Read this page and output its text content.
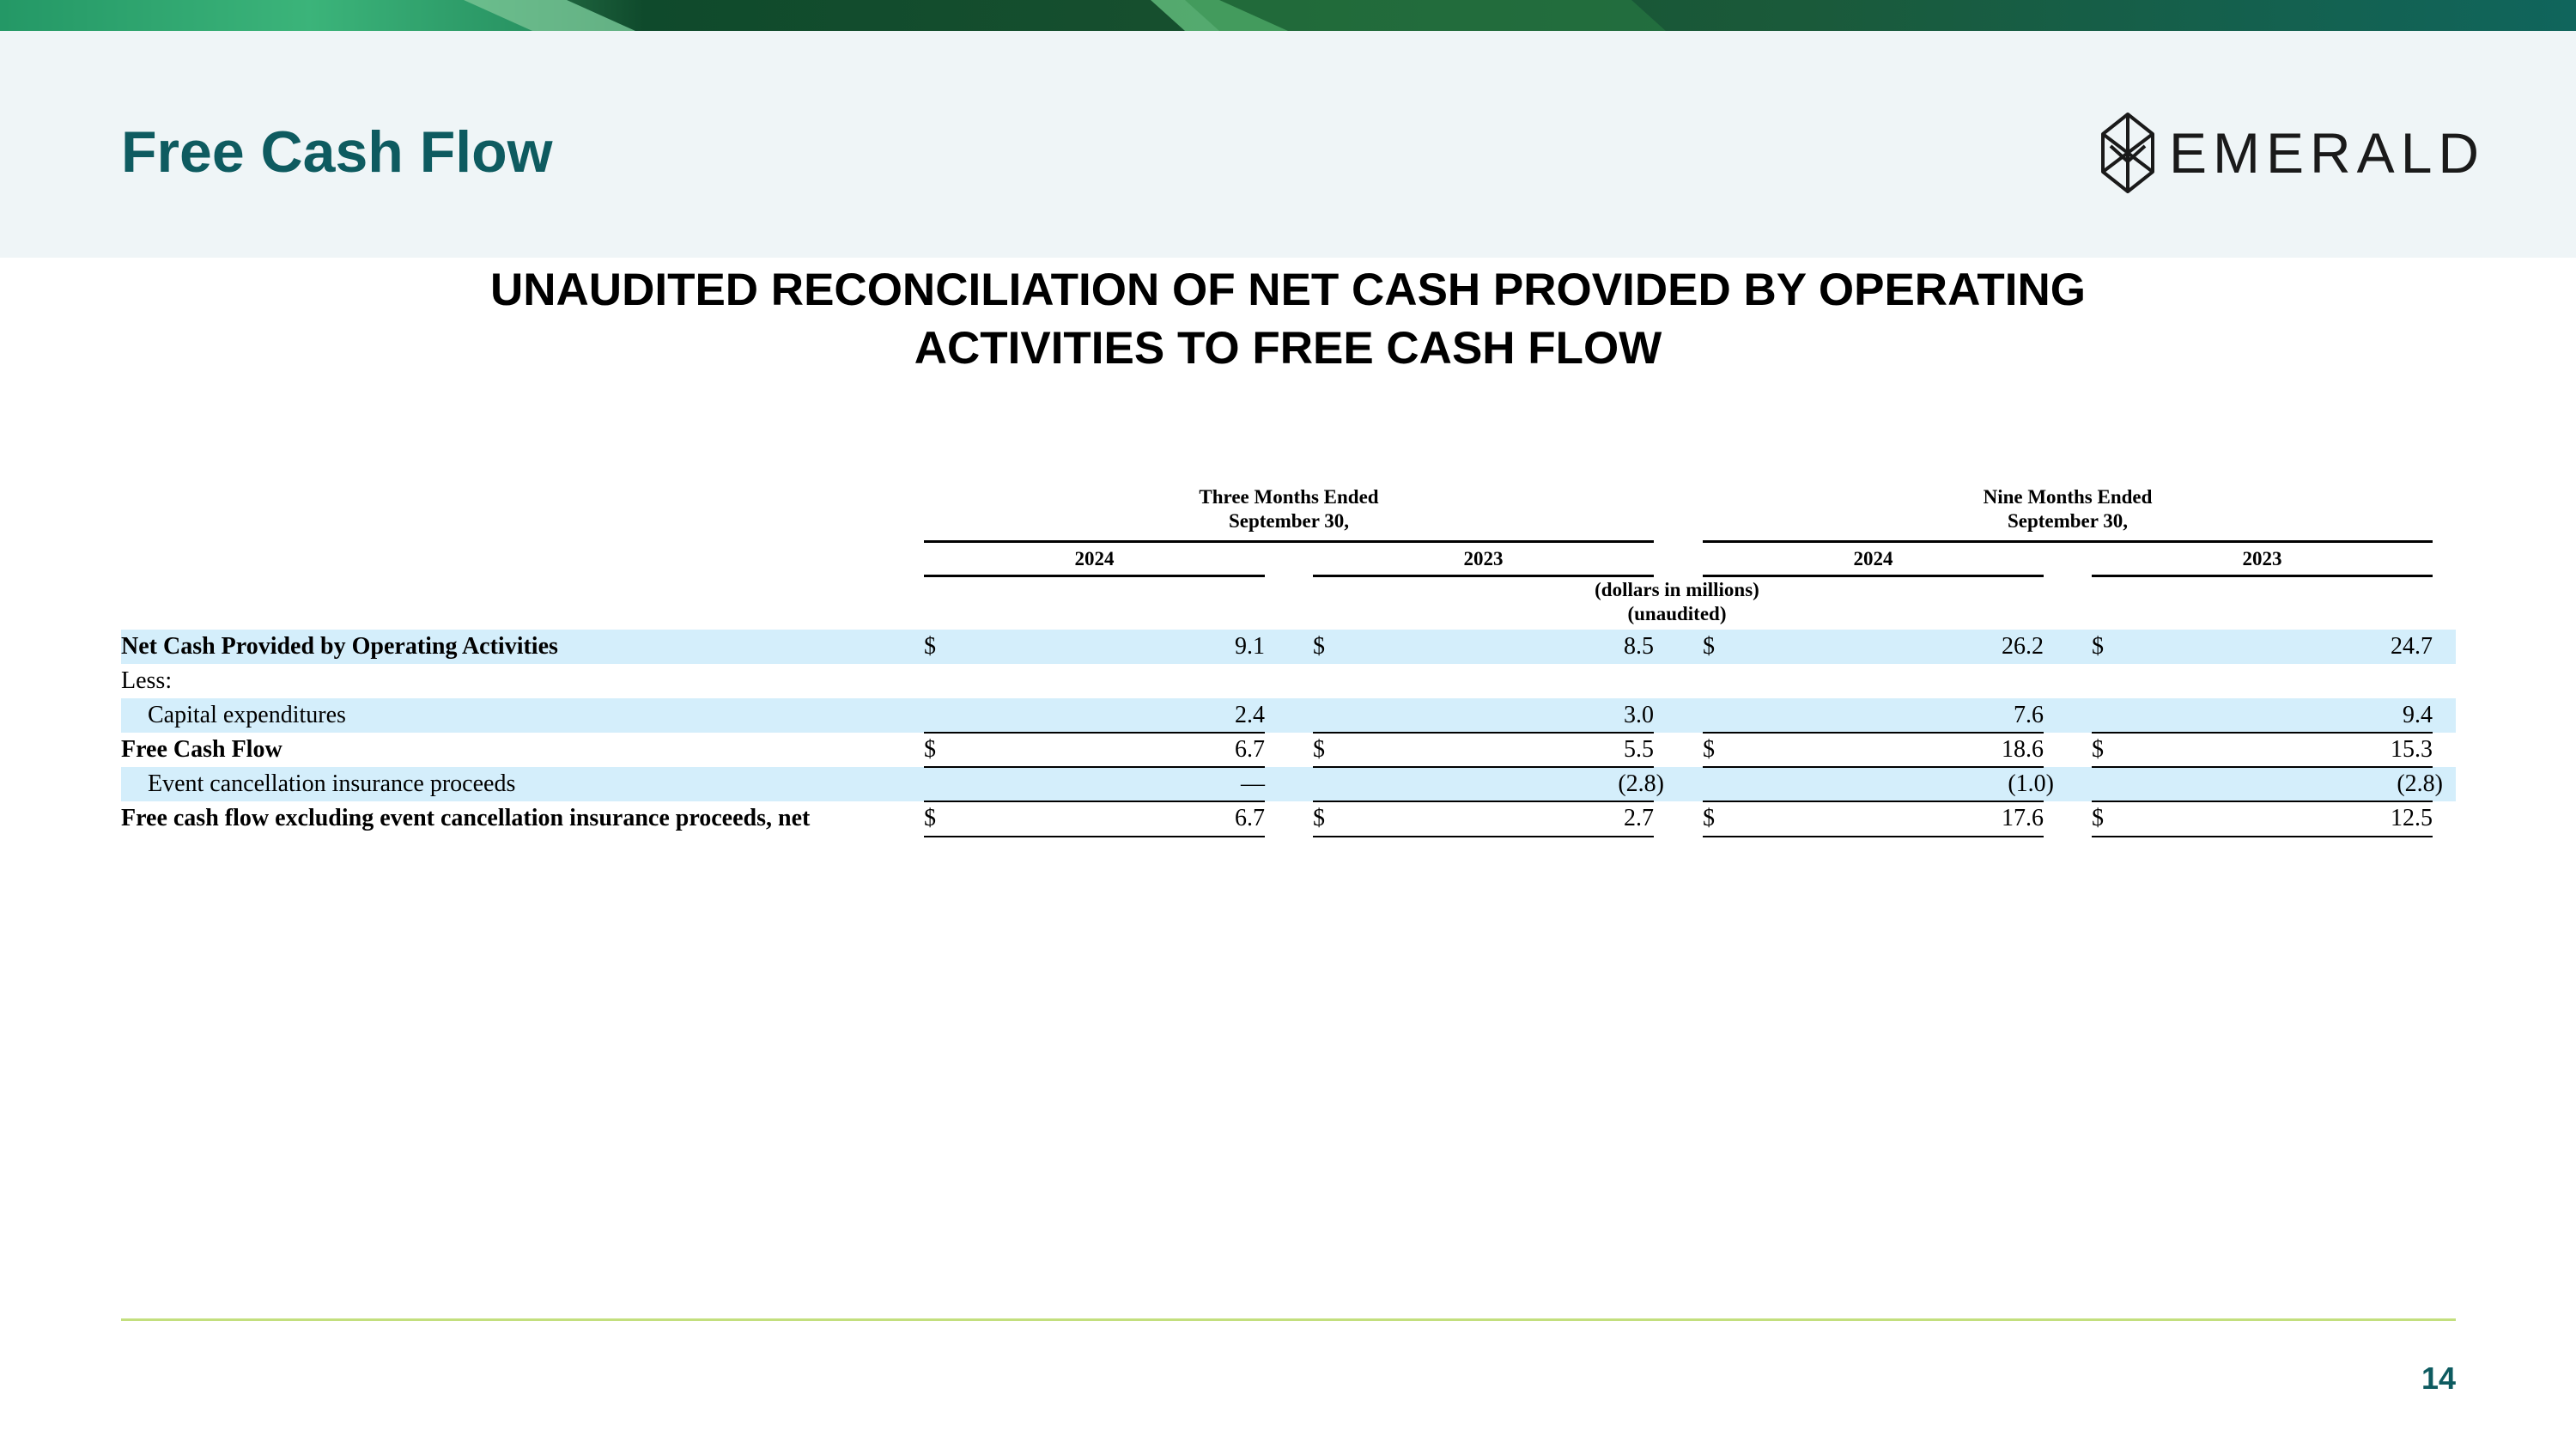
Free Cash Flow	EMERALD
UNAUDITED RECONCILIATION OF NET CASH PROVIDED BY OPERATING
ACTIVITIES TO FREE CASH FLOW
Three Months Ended
September 30,
Nine Months Ended
September 30,
2024	2023	2024	2023
(dollars in millions)
(unaudited)
Net Cash Provided by Operating Activities	$	9.1 $	8.5 $	26.2 $	24.7
Less:
Capital expenditures	2.4	3.0	7.6	9.4
Free Cash Flow	$	6.7 $	5.5 $	18.6 $	15.3
Event cancellation insurance proceeds	—	(2.8)	(1.0)	(2.8)
Free cash flow excluding event cancellation insurance proceeds, net	$	6.7 $	2.7 $	17.6 $	12.5
14
